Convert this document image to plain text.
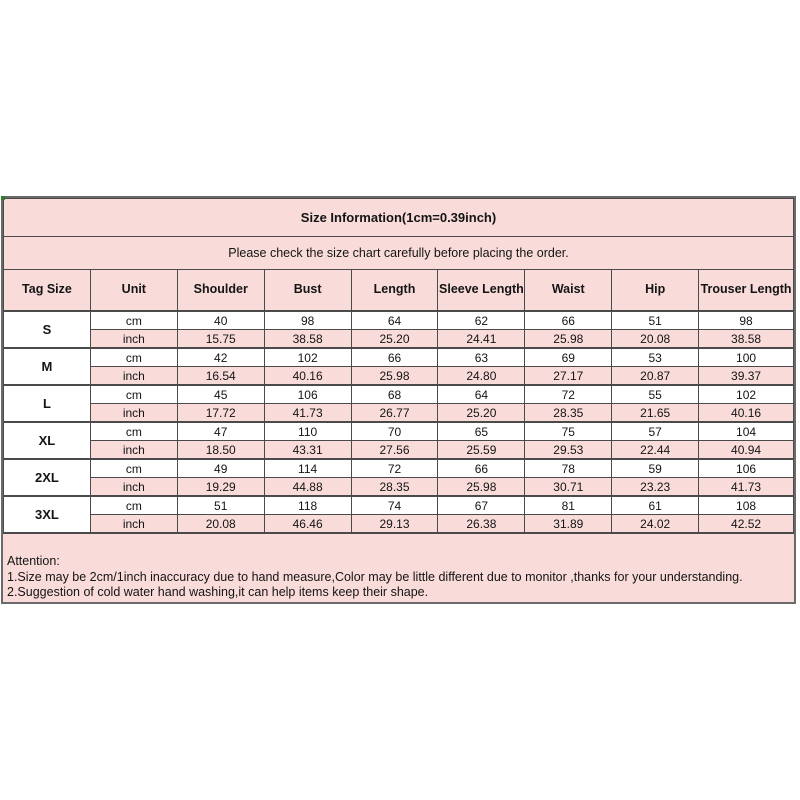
Size Information(1cm=0.39inch)								
Please check the size chart carefully before placing the order.								
Tag Size	Unit	Shoulder	Bust	Length	Sleeve Length	Waist	Hip	Trouser Length
S	cm	40	98	64	62	66	51	98
	inch	15.75	38.58	25.20	24.41	25.98	20.08	38.58
M	cm	42	102	66	63	69	53	100
	inch	16.54	40.16	25.98	24.80	27.17	20.87	39.37
L	cm	45	106	68	64	72	55	102
	inch	17.72	41.73	26.77	25.20	28.35	21.65	40.16
XL	cm	47	110	70	65	75	57	104
	inch	18.50	43.31	27.56	25.59	29.53	22.44	40.94
2XL	cm	49	114	72	66	78	59	106
	inch	19.29	44.88	28.35	25.98	30.71	23.23	41.73
3XL	cm	51	118	74	67	81	61	108
	inch	20.08	46.46	29.13	26.38	31.89	24.02	42.52
Attention:
1.Size may be 2cm/1inch inaccuracy due to hand measure,Color may be little different due to monitor ,thanks for your understanding.
2.Suggestion of cold water hand washing,it can help items keep their shape.
